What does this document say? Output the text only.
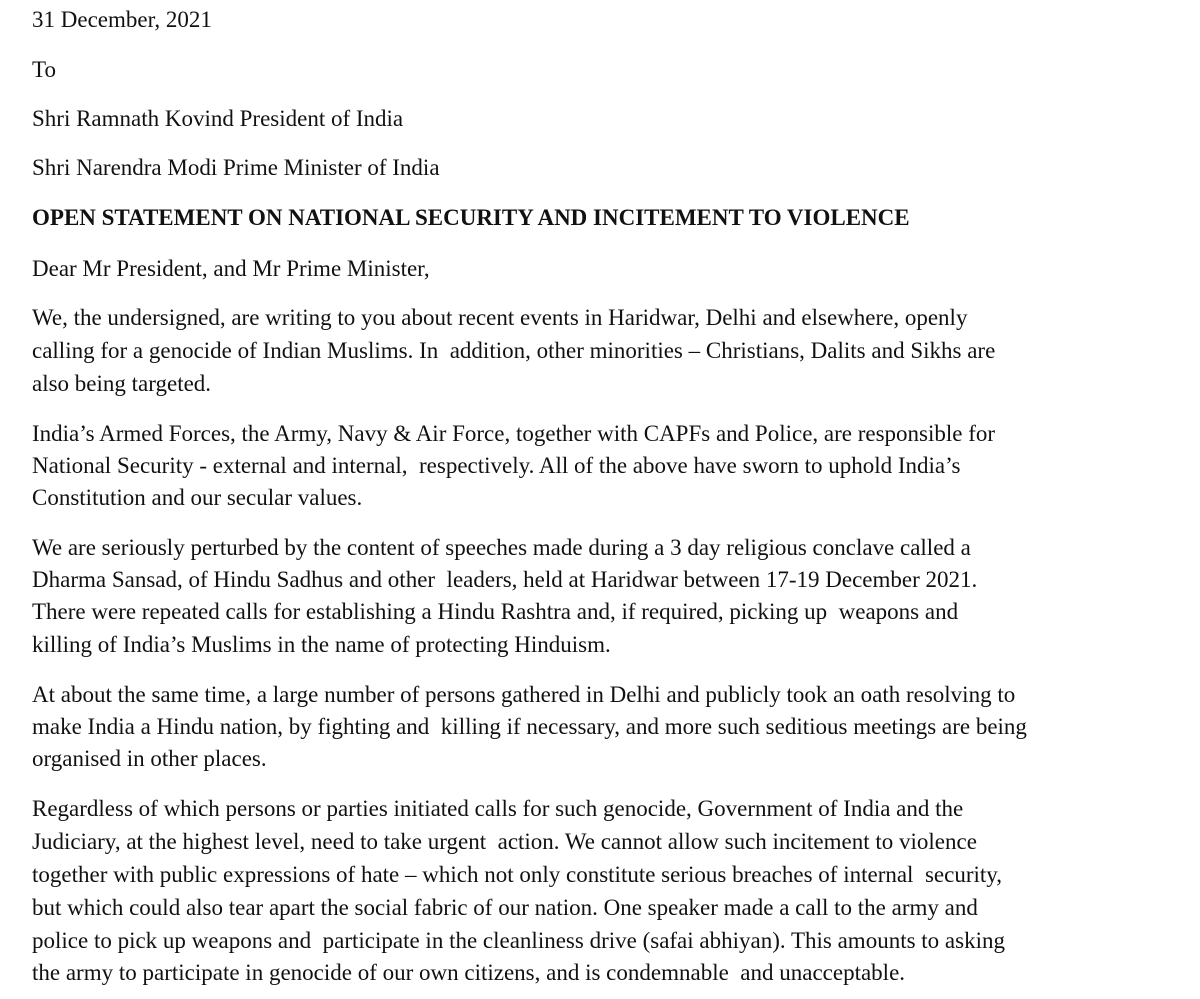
31 December, 2021
To
Shri Ramnath Kovind President of India
Shri Narendra Modi Prime Minister of India
OPEN STATEMENT ON NATIONAL SECURITY AND INCITEMENT TO VIOLENCE
Dear Mr President, and Mr Prime Minister,
We, the undersigned, are writing to you about recent events in Haridwar, Delhi and elsewhere, openly
calling for a genocide of Indian Muslims. In  addition, other minorities – Christians, Dalits and Sikhs are
also being targeted.
India’s Armed Forces, the Army, Navy & Air Force, together with CAPFs and Police, are responsible for
National Security - external and internal,  respectively. All of the above have sworn to uphold India’s
Constitution and our secular values.
We are seriously perturbed by the content of speeches made during a 3 day religious conclave called a
Dharma Sansad, of Hindu Sadhus and other  leaders, held at Haridwar between 17-19 December 2021.
There were repeated calls for establishing a Hindu Rashtra and, if required, picking up  weapons and
killing of India’s Muslims in the name of protecting Hinduism.
At about the same time, a large number of persons gathered in Delhi and publicly took an oath resolving to
make India a Hindu nation, by fighting and  killing if necessary, and more such seditious meetings are being
organised in other places.
Regardless of which persons or parties initiated calls for such genocide, Government of India and the
Judiciary, at the highest level, need to take urgent  action. We cannot allow such incitement to violence
together with public expressions of hate – which not only constitute serious breaches of internal  security,
but which could also tear apart the social fabric of our nation. One speaker made a call to the army and
police to pick up weapons and  participate in the cleanliness drive (safai abhiyan). This amounts to asking
the army to participate in genocide of our own citizens, and is condemnable  and unacceptable.
